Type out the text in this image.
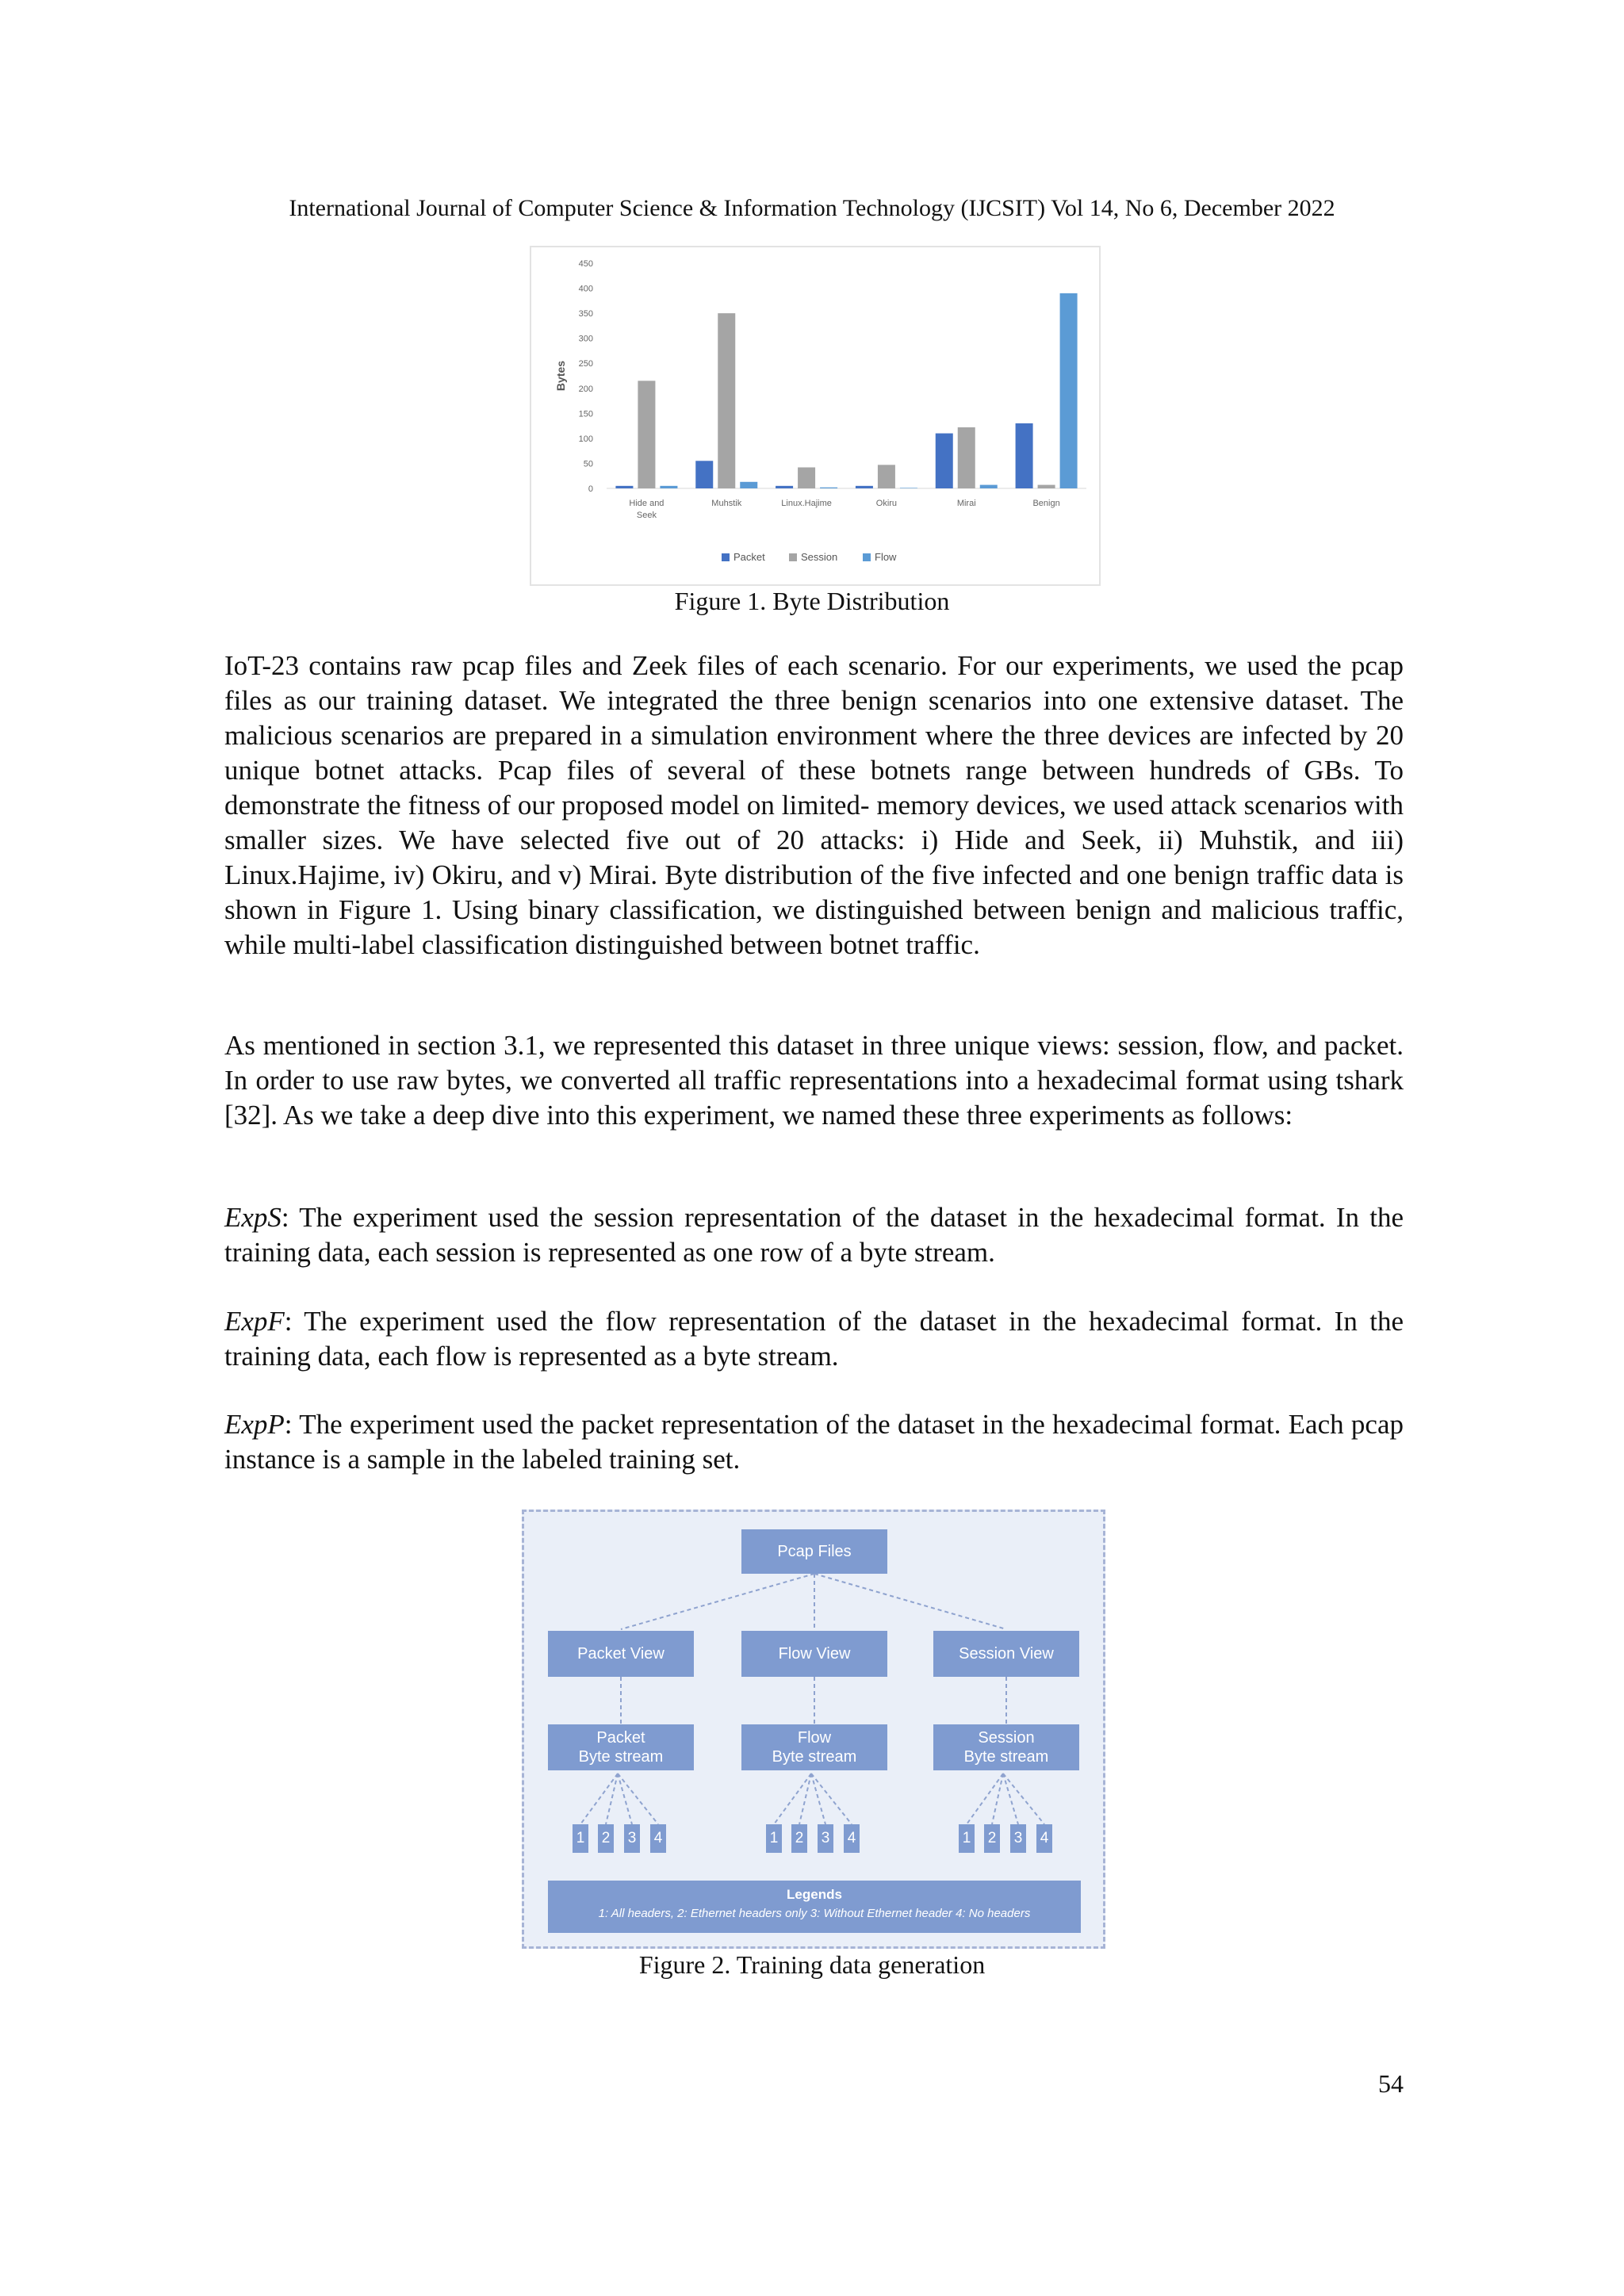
International Journal of Computer Science & Information Technology (IJCSIT) Vol 14, No 6, December 2022
0
50
100
150
200
250
300
350
400
450
Bytes
Hide and
Seek
Muhstik	Linux.Hajime	Okiru	Mirai	Benign
Packet	Session	Flow
Figure 1. Byte Distribution

IoT-23 contains raw pcap files and Zeek files of each scenario. For our experiments, we used the pcap files as our training dataset. We integrated the three benign scenarios into one extensive dataset. The malicious scenarios are prepared in a simulation environment where the three devices are infected by 20 unique botnet attacks. Pcap files of several of these botnets range between hundreds of GBs. To demonstrate the fitness of our proposed model on limited- memory devices, we used attack scenarios with smaller sizes. We have selected five out of 20 attacks: i) Hide and Seek, ii) Muhstik, and iii) Linux.Hajime, iv) Okiru, and v) Mirai. Byte distribution of the five infected and one benign traffic data is shown in Figure 1. Using binary classification, we distinguished between benign and malicious traffic, while multi-label classification distinguished between botnet traffic.

As mentioned in section 3.1, we represented this dataset in three unique views: session, flow, and packet. In order to use raw bytes, we converted all traffic representations into a hexadecimal format using tshark [32]. As we take a deep dive into this experiment, we named these three experiments as follows:

ExpS: The experiment used the session representation of the dataset in the hexadecimal format. In the training data, each session is represented as one row of a byte stream.

ExpF: The experiment used the flow representation of the dataset in the hexadecimal format. In the training data, each flow is represented as a byte stream.

ExpP: The experiment used the packet representation of the dataset in the hexadecimal format. Each pcap instance is a sample in the labeled training set.

Pcap Files
Packet View	Flow View	Session View
Packet
Byte stream
Flow
Byte stream
Session
Byte stream
1 2 3 4	1 2 3 4	1 2 3 4
Legends
1: All headers, 2: Ethernet headers only 3: Without Ethernet header 4: No headers
Figure 2. Training data generation
54
